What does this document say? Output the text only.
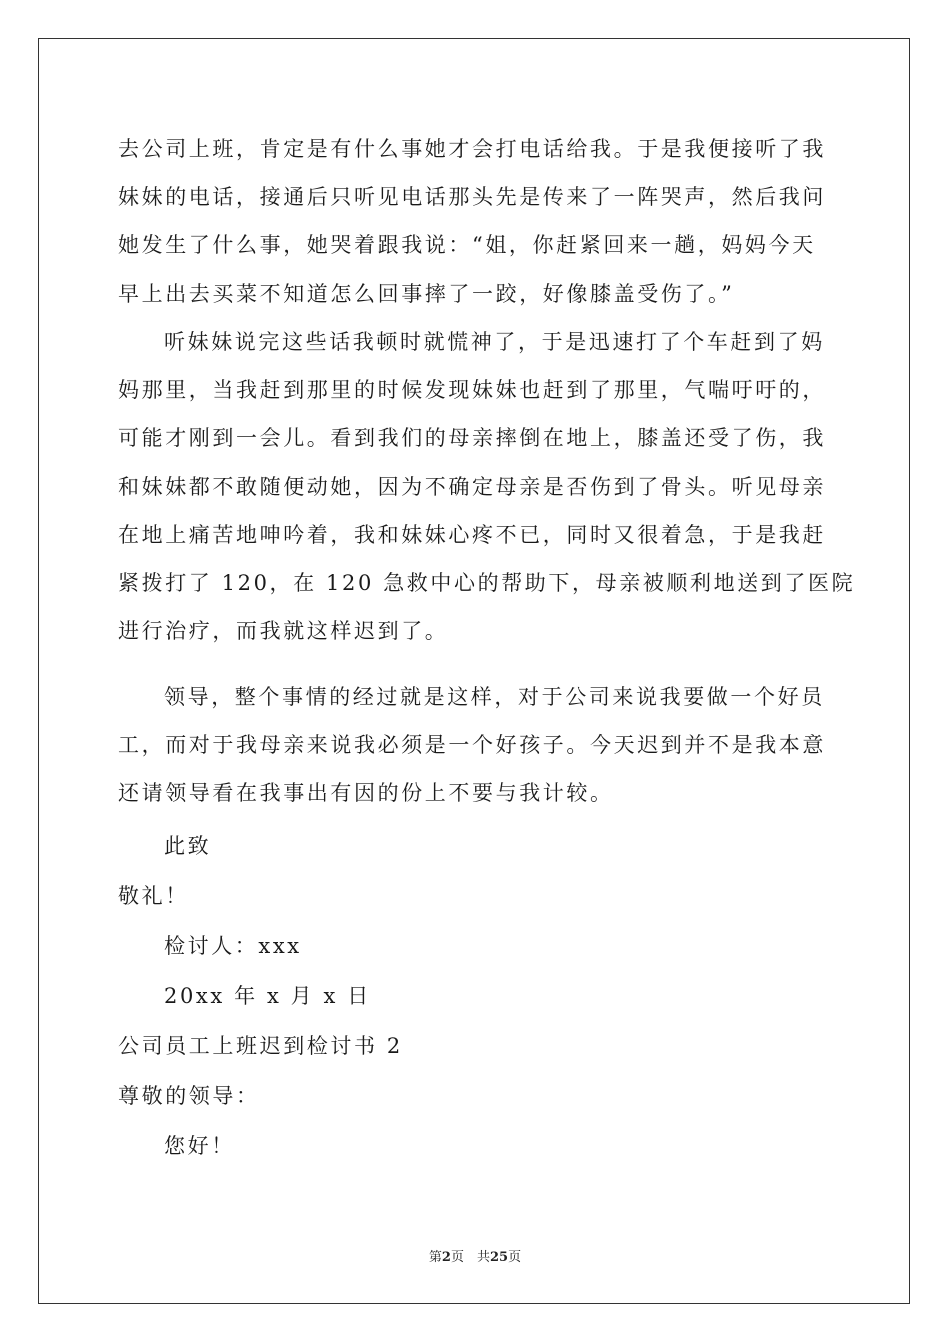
去公司上班，肯定是有什么事她才会打电话给我。于是我便接听了我
妹妹的电话，接通后只听见电话那头先是传来了一阵哭声，然后我问
她发生了什么事，她哭着跟我说：“姐，你赶紧回来一趟，妈妈今天
早上出去买菜不知道怎么回事摔了一跤，好像膝盖受伤了。”
听妹妹说完这些话我顿时就慌神了，于是迅速打了个车赶到了妈
妈那里，当我赶到那里的时候发现妹妹也赶到了那里，气喘吁吁的，
可能才刚到一会儿。看到我们的母亲摔倒在地上，膝盖还受了伤，我
和妹妹都不敢随便动她，因为不确定母亲是否伤到了骨头。听见母亲
在地上痛苦地呻吟着，我和妹妹心疼不已，同时又很着急，于是我赶
紧拨打了 120，在 120 急救中心的帮助下，母亲被顺利地送到了医院
进行治疗，而我就这样迟到了。
领导，整个事情的经过就是这样，对于公司来说我要做一个好员
工，而对于我母亲来说我必须是一个好孩子。今天迟到并不是我本意
还请领导看在我事出有因的份上不要与我计较。
此致
敬礼！
检讨人：xxx
20xx 年 x 月 x 日
公司员工上班迟到检讨书 2
尊敬的领导：
您好！
第2页　共25页
